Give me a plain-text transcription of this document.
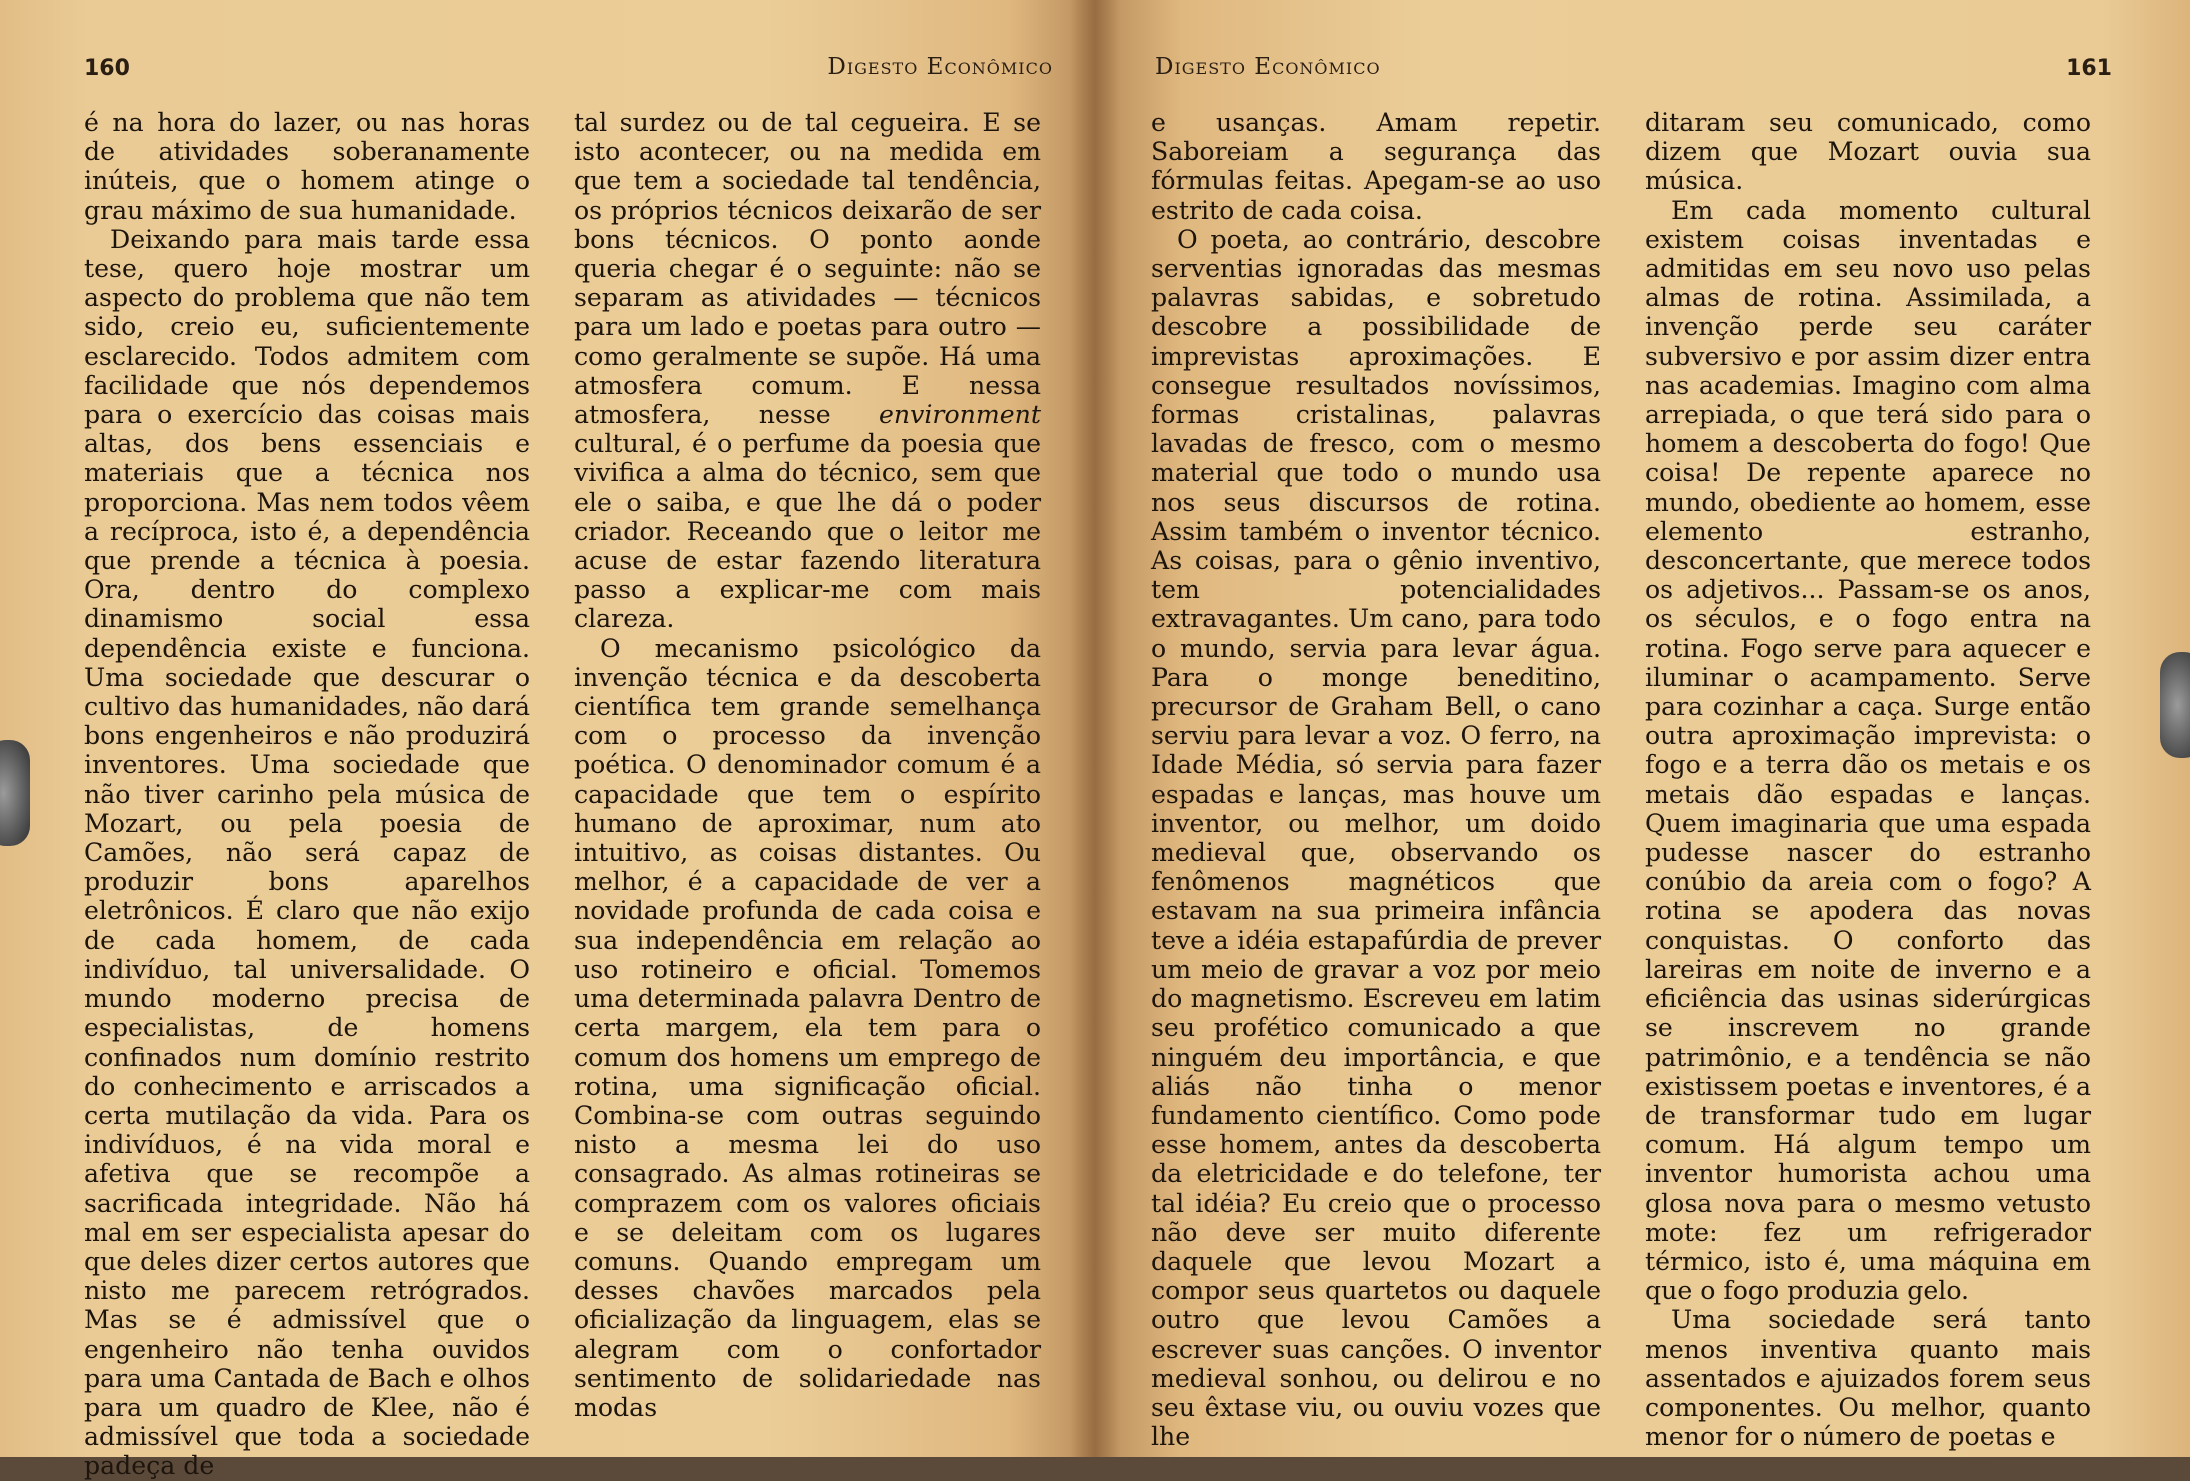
160	Digesto Econômico

é na hora do lazer, ou nas horas de atividades soberanamente inúteis, que o homem atinge o grau máximo de sua humanidade.

Deixando para mais tarde essa tese, quero hoje mostrar um aspecto do problema que não tem sido, creio eu, suficientemente esclarecido. Todos admitem com facilidade que nós dependemos para o exercício das coisas mais altas, dos bens essenciais e materiais que a técnica nos proporciona. Mas nem todos vêem a recíproca, isto é, a dependência que prende a técnica à poesia. Ora, dentro do complexo dinamismo social essa dependência existe e funciona. Uma sociedade que descurar o cultivo das humanidades, não dará bons engenheiros e não produzirá inventores. Uma sociedade que não tiver carinho pela música de Mozart, ou pela poesia de Camões, não será capaz de produzir bons aparelhos eletrônicos. É claro que não exijo de cada homem, de cada indivíduo, tal universalidade. O mundo moderno precisa de especialistas, de homens confinados num domínio restrito do conhecimento e arriscados a certa mutilação da vida. Para os indivíduos, é na vida moral e afetiva que se recompõe a sacrificada integridade. Não há mal em ser especialista apesar do que deles dizer certos autores que nisto me parecem retrógrados. Mas se é admissível que o engenheiro não tenha ouvidos para uma Cantada de Bach e olhos para um quadro de Klee, não é admissível que toda a sociedade padeça de

tal surdez ou de tal cegueira. E se isto acontecer, ou na medida em que tem a sociedade tal tendência, os próprios técnicos deixarão de ser bons técnicos. O ponto aonde queria chegar é o seguinte: não se separam as atividades — técnicos para um lado e poetas para outro — como geralmente se supõe. Há uma atmosfera comum. E nessa atmosfera, nesse environment cultural, é o perfume da poesia que vivifica a alma do técnico, sem que ele o saiba, e que lhe dá o poder criador. Receando que o leitor me acuse de estar fazendo literatura passo a explicar-me com mais clareza.

O mecanismo psicológico da invenção técnica e da descoberta científica tem grande semelhança com o processo da invenção poética. O denominador comum é a capacidade que tem o espírito humano de aproximar, num ato intuitivo, as coisas distantes. Ou melhor, é a capacidade de ver a novidade profunda de cada coisa e sua independência em relação ao uso rotineiro e oficial. Tomemos uma determinada palavra Dentro de certa margem, ela tem para o comum dos homens um emprego de rotina, uma significação oficial. Combina-se com outras seguindo nisto a mesma lei do uso consagrado. As almas rotineiras se comprazem com os valores oficiais e se deleitam com os lugares comuns. Quando empregam um desses chavões marcados pela oficialização da linguagem, elas se alegram com o confortador sentimento de solidariedade nas modas

Digesto Econômico	161

e usanças. Amam repetir. Saboreiam a segurança das fórmulas feitas. Apegam-se ao uso estrito de cada coisa.

O poeta, ao contrário, descobre serventias ignoradas das mesmas palavras sabidas, e sobretudo descobre a possibilidade de imprevistas aproximações. E consegue resultados novíssimos, formas cristalinas, palavras lavadas de fresco, com o mesmo material que todo o mundo usa nos seus discursos de rotina. Assim também o inventor técnico. As coisas, para o gênio inventivo, tem potencialidades extravagantes. Um cano, para todo o mundo, servia para levar água. Para o monge beneditino, precursor de Graham Bell, o cano serviu para levar a voz. O ferro, na Idade Média, só servia para fazer espadas e lanças, mas houve um inventor, ou melhor, um doido medieval que, observando os fenômenos magnéticos que estavam na sua primeira infância teve a idéia estapafúrdia de prever um meio de gravar a voz por meio do magnetismo. Escreveu em latim seu profético comunicado a que ninguém deu importância, e que aliás não tinha o menor fundamento científico. Como pode esse homem, antes da descoberta da eletricidade e do telefone, ter tal idéia? Eu creio que o processo não deve ser muito diferente daquele que levou Mozart a compor seus quartetos ou daquele outro que levou Camões a escrever suas canções. O inventor medieval sonhou, ou delirou e no seu êxtase viu, ou ouviu vozes que lhe

ditaram seu comunicado, como dizem que Mozart ouvia sua música.

Em cada momento cultural existem coisas inventadas e admitidas em seu novo uso pelas almas de rotina. Assimilada, a invenção perde seu caráter subversivo e por assim dizer entra nas academias. Imagino com alma arrepiada, o que terá sido para o homem a descoberta do fogo! Que coisa! De repente aparece no mundo, obediente ao homem, esse elemento estranho, desconcertante, que merece todos os adjetivos... Passam-se os anos, os séculos, e o fogo entra na rotina. Fogo serve para aquecer e iluminar o acampamento. Serve para cozinhar a caça. Surge então outra aproximação imprevista: o fogo e a terra dão os metais e os metais dão espadas e lanças. Quem imaginaria que uma espada pudesse nascer do estranho conúbio da areia com o fogo? A rotina se apodera das novas conquistas. O conforto das lareiras em noite de inverno e a eficiência das usinas siderúrgicas se inscrevem no grande patrimônio, e a tendência se não existissem poetas e inventores, é a de transformar tudo em lugar comum. Há algum tempo um inventor humorista achou uma glosa nova para o mesmo vetusto mote: fez um refrigerador térmico, isto é, uma máquina em que o fogo produzia gelo.

Uma sociedade será tanto menos inventiva quanto mais assentados e ajuizados forem seus componentes. Ou melhor, quanto menor for o número de poetas e
